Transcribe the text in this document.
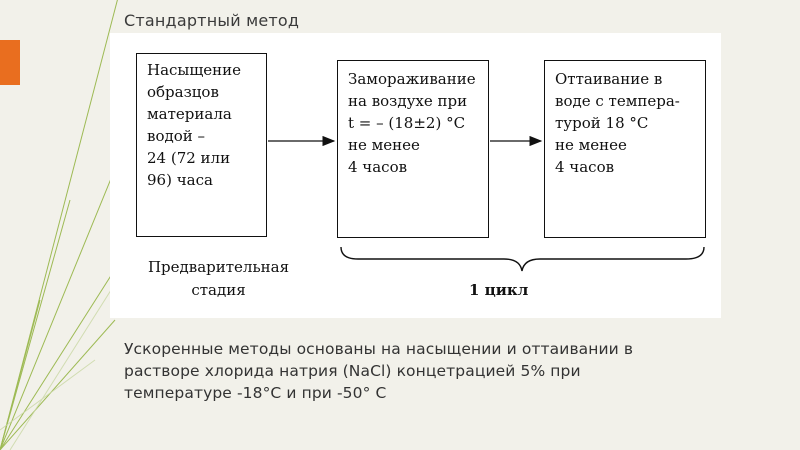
Стандартный метод
Насыщение
образцов
материала
водой –
24 (72 или
96) часа
Замораживание
на воздухе при
t = – (18±2) °С
не менее
4 часов
Оттаивание в
воде с темпера-
турой 18 °С
не менее
4 часов
Предварительная
стадия	1 цикл
Ускоренные методы основаны на насыщении и оттаивании в растворе хлорида натрия (NaCl) концетрацией 5% при температуре -18°С и при -50° С
